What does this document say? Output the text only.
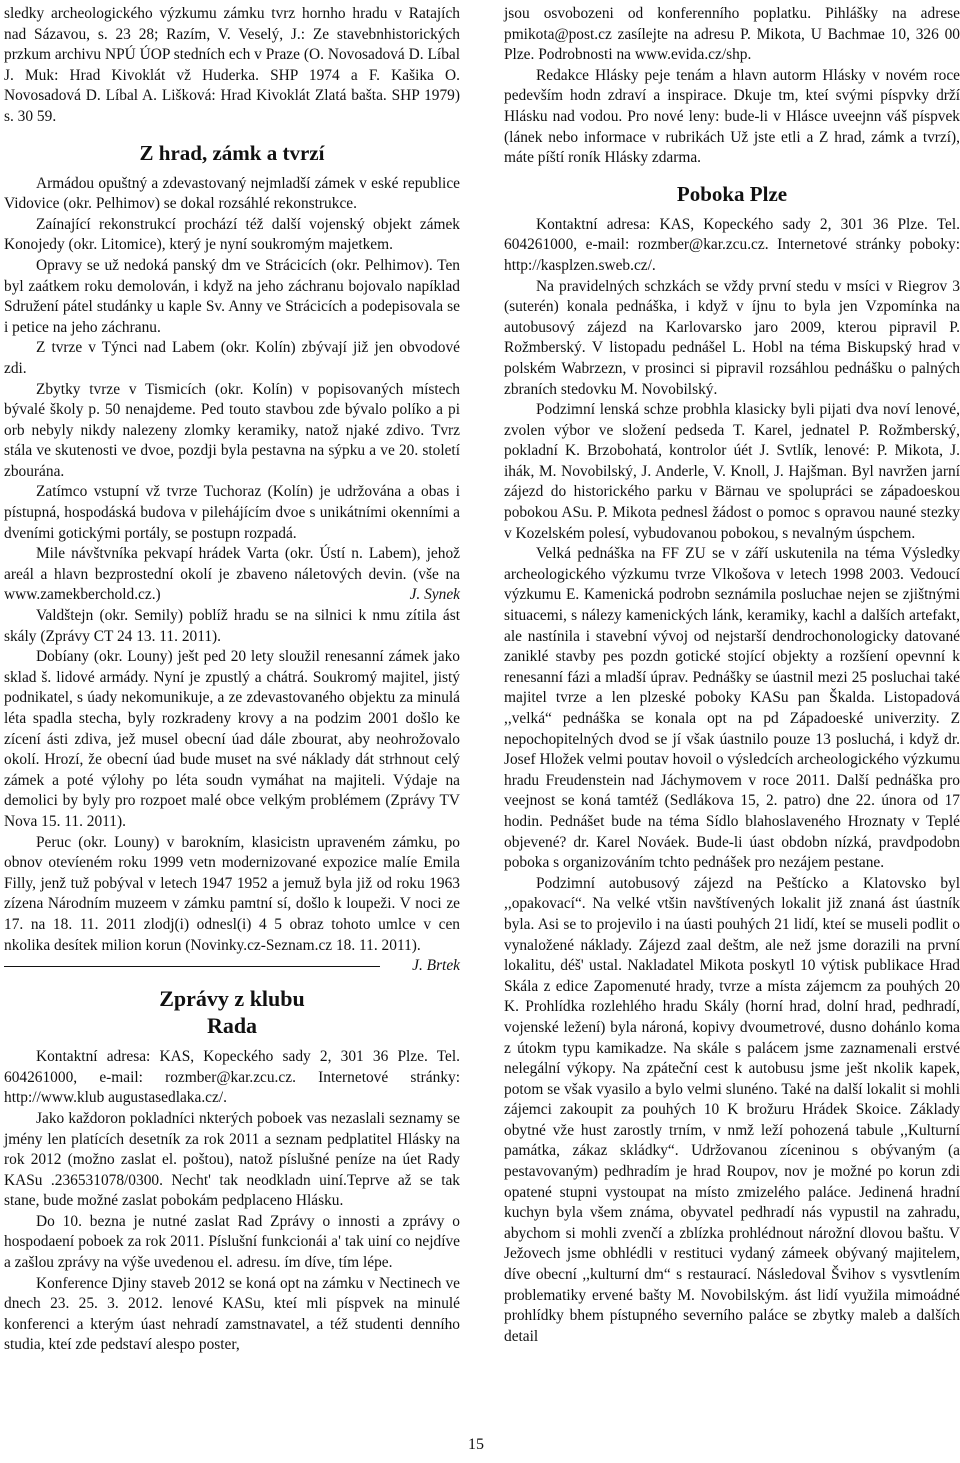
sledky archeologického výzkumu zámku tvrz hornho hradu v Ratajích nad Sázavou, s. 23 28; Razím, V. Veselý, J.: Ze stavebnhistorických przkum archivu NPÚ ÚOP stedních ech v Praze (O. Novosadová D. Líbal J. Muk: Hrad Kivoklát vž Huderka. SHP 1974 a F. Kašika O. Novosadová D. Líbal A. Lišková: Hrad Kivoklát Zlatá bašta. SHP 1979) s. 30 59.

Z hrad, zámk a tvrzí

Armádou opuštný a zdevastovaný nejmladší zámek v eské republice Vidovice (okr. Pelhimov) se dokal rozsáhlé rekonstrukce.

Zaínající rekonstrukcí prochází též další vojenský objekt zámek Konojedy (okr. Litomice), který je nyní soukromým majetkem.

Opravy se už nedoká panský dm ve Strácicích (okr. Pelhimov). Ten byl zaátkem roku demolován, i když na jeho záchranu bojovalo napíklad Sdružení pátel studánky u kaple Sv. Anny ve Strácicích a podepisovala se i petice na jeho záchranu.

Z tvrze v Týnci nad Labem (okr. Kolín) zbývají již jen obvodové zdi.

Zbytky tvrze v Tismicích (okr. Kolín) v popisovaných místech bývalé školy p. 50 nenajdeme. Ped touto stavbou zde bývalo políko a pi orb nebyly nikdy nalezeny zlomky keramiky, natož njaké zdivo. Tvrz stála ve skutenosti ve dvoe, pozdji byla pestavna na sýpku a ve 20. století zbourána.

Zatímco vstupní vž tvrze Tuchoraz (Kolín) je udržována a obas i pístupná, hospodáská budova v pilehájícím dvoe s unikátními okenními a dveními gotickými portály, se postupn rozpadá.

Mile návštvníka pekvapí hrádek Varta (okr. Ústí n. Labem), jehož areál a hlavn bezprostední okolí je zbaveno náletových devin. (vše na www.zamekberchold.cz.)	J. Synek

Valdštejn (okr. Semily) poblíž hradu se na silnici k nmu zítila ást skály (Zprávy CT 24 13. 11. 2011).

Dobíany (okr. Louny) ješt ped 20 lety sloužil renesanní zámek jako sklad š. lidové armády. Nyní je zpustlý a chátrá. Soukromý majitel, jistý podnikatel, s úady nekomunikuje, a ze zdevastovaného objektu za minulá léta spadla stecha, byly rozkradeny krovy a na podzim 2001 došlo ke zícení ásti zdiva, jež musel obecní úad dále zbourat, aby neohrožovalo okolí. Hrozí, že obecní úad bude muset na své náklady dát strhnout celý zámek a poté výlohy po léta soudn vymáhat na majiteli. Výdaje na demolici by byly pro rozpoet malé obce velkým problémem (Zprávy TV Nova 15. 11. 2011).

Peruc (okr. Louny) v barokním, klasicistn upraveném zámku, po obnov otevíeném roku 1999 vetn modernizované expozice malíe Emila Filly, jenž tuž pobýval v letech 1947 1952 a jemuž byla již od roku 1963 zízena Národním muzeem v zámku pamtní sí, došlo k loupeži. V noci ze 17. na 18. 11. 2011 zlodj(i) odnesl(i) 4 5 obraz tohoto umlce v cen nkolika desítek milion korun (Novinky.cz-Seznam.cz 18. 11. 2011).
J. Brtek

Zprávy z klubu
Rada

Kontaktní adresa: KAS, Kopeckého sady 2, 301 36 Plze. Tel. 604261000, e-mail: rozmber@kar.zcu.cz. Internetové stránky: http://www.klub augustasedlaka.cz/.

Jako každoron pokladníci nkterých poboek vas nezaslali seznamy se jmény len platících desetník za rok 2011 a seznam pedplatitel Hlásky na rok 2012 (možno zaslat el. poštou), natož píslušné peníze na úet Rady KASu .236531078/0300. Necht' tak neodkladn uiní.Teprve až se tak stane, bude možné zaslat pobokám pedplaceno Hlásku.

Do 10. bezna je nutné zaslat Rad Zprávy o innosti a zprávy o hospodaení poboek za rok 2011. Píslušní funkcionái a' tak uiní co nejdíve a zašlou zprávy na výše uvedenou el. adresu. ím díve, tím lépe.

Konference Djiny staveb 2012 se koná opt na zámku v Nectinech ve dnech 23. 25. 3. 2012. lenové KASu, kteí mli píspvek na minulé konferenci a kterým úast nehradí zamstnavatel, a též studenti denního studia, kteí zde pedstaví alespo poster,

jsou osvobozeni od konferenního poplatku. Pihlášky na adrese pmikota@post.cz zasílejte na adresu P. Mikota, U Bachmae 10, 326 00 Plze. Podrobnosti na www.evida.cz/shp.

Redakce Hlásky peje tenám a hlavn autorm Hlásky v novém roce pedevším hodn zdraví a inspirace. Dkuje tm, kteí svými píspvky drží Hlásku nad vodou. Pro nové leny: bude-li v Hlásce uveejnn váš píspvek (lánek nebo informace v rubrikách Už jste etli a Z hrad, zámk a tvrzí), máte píští roník Hlásky zdarma.

Poboka Plze

Kontaktní adresa: KAS, Kopeckého sady 2, 301 36 Plze. Tel. 604261000, e-mail: rozmber@kar.zcu.cz. Internetové stránky poboky: http://kasplzen.sweb.cz/.

Na pravidelných schzkách se vždy první stedu v msíci v Riegrov 3 (suterén) konala pednáška, i když v íjnu to byla jen Vzpomínka na autobusový zájezd na Karlovarsko jaro 2009, kterou pipravil P. Rožmberský. V listopadu pednášel L. Hobl na téma Biskupský hrad v polském Wabrzezn, v prosinci si pipravil rozsáhlou pednášku o palných zbraních stedovku M. Novobilský.

Podzimní lenská schze probhla klasicky byli pijati dva noví lenové, zvolen výbor ve složení pedseda T. Karel, jednatel P. Rožmberský, pokladní K. Brzobohatá, kontrolor úét J. Svtlík, lenové: P. Mikota, J. ihák, M. Novobilský, J. Anderle, V. Knoll, J. Hajšman. Byl navržen jarní zájezd do historického parku v Bärnau ve spolupráci se západoeskou pobokou ASu. P. Mikota pednesl žádost o pomoc s opravou nauné stezky v Kozelském polesí, vybudovanou pobokou, s nevalným úspchem.

Velká pednáška na FF ZU se v září uskutenila na téma Výsledky archeologického výzkumu tvrze Vlkošova v letech 1998 2003. Vedoucí výzkumu E. Kamenická podrobn seznámila posluchae nejen se zjištnými situacemi, s nálezy kamenických lánk, keramiky, kachl a dalších artefakt, ale nastínila i stavební vývoj od nejstarší dendrochonologicky datované zaniklé stavby pes pozdn gotické stojící objekty a rozšíení opevnní k renesanní fázi a mladší úprav. Pednášky se úastnil mezi 25 posluchai také majitel tvrze a len plzeské poboky KASu pan Škalda. Listopadová ,,velká“ pednáška se konala opt na pd Západoeské univerzity. Z nepochopitelných dvod se jí však úastnilo pouze 13 posluchá, i když dr. Josef Hložek velmi poutav hovoil o výsledcích archeologického výzkumu hradu Freudenstein nad Jáchymovem v roce 2011. Další pednáška pro veejnost se koná tamtéž (Sedlákova 15, 2. patro) dne 22. února od 17 hodin. Pednášet bude na téma Sídlo blahoslaveného Hroznaty v Teplé objevené? dr. Karel Nováek. Bude-li úast obdobn nízká, pravdpodobn poboka s organizováním tchto pednášek pro nezájem pestane.

Podzimní autobusový zájezd na Peštícko a Klatovsko byl ,,opakovací“. Na velké vtšin navštívených lokalit již znaná ást úastník byla. Asi se to projevilo i na úasti pouhých 21 lidí, kteí se museli podlit o vynaložené náklady. Zájezd zaal deštm, ale než jsme dorazili na první lokalitu, déš' ustal. Nakladatel Mikota poskytl 10 výtisk publikace Hrad Skála z edice Zapomenuté hrady, tvrze a místa zájemcm za pouhých 20 K. Prohlídka rozlehlého hradu Skály (horní hrad, dolní hrad, pedhradí, vojenské ležení) byla nároná, kopivy dvoumetrové, dusno dohánlo koma z útokm typu kamikadze. Na skále s palácem jsme zaznamenali erstvé nelegální výkopy. Na zpáteční cest k autobusu jsme ješt nkolik kapek, potom se však vyasilo a bylo velmi slunéno. Také na další lokalit si mohli zájemci zakoupit za pouhých 10 K brožuru Hrádek Skoice. Základy obytné vže hust zarostly trním, v nmž leží pohozená tabule ,,Kulturní památka, zákaz skládky“. Udržovanou zíceninou s obývaným (a pestavovaným) pedhradím je hrad Roupov, nov je možné po korun zdi opatené stupni vystoupat na místo zmizelého paláce. Jedinená hradní kuchyn byla všem známa, obyvatel pedhradí nás vypustil na zahradu, abychom si mohli zvenčí a zblízka prohlédnout nárožní dlovou baštu. V Ježovech jsme obhlédli v restituci vydaný zámeek obývaný majitelem, díve obecní ,,kulturní dm“ s restaurací. Následoval Švihov s vysvtlením problematiky ervené bašty M. Novobilským. ást lidí využila mimoádné prohlídky bhem pístupného severního paláce se zbytky maleb a dalších detail

15
